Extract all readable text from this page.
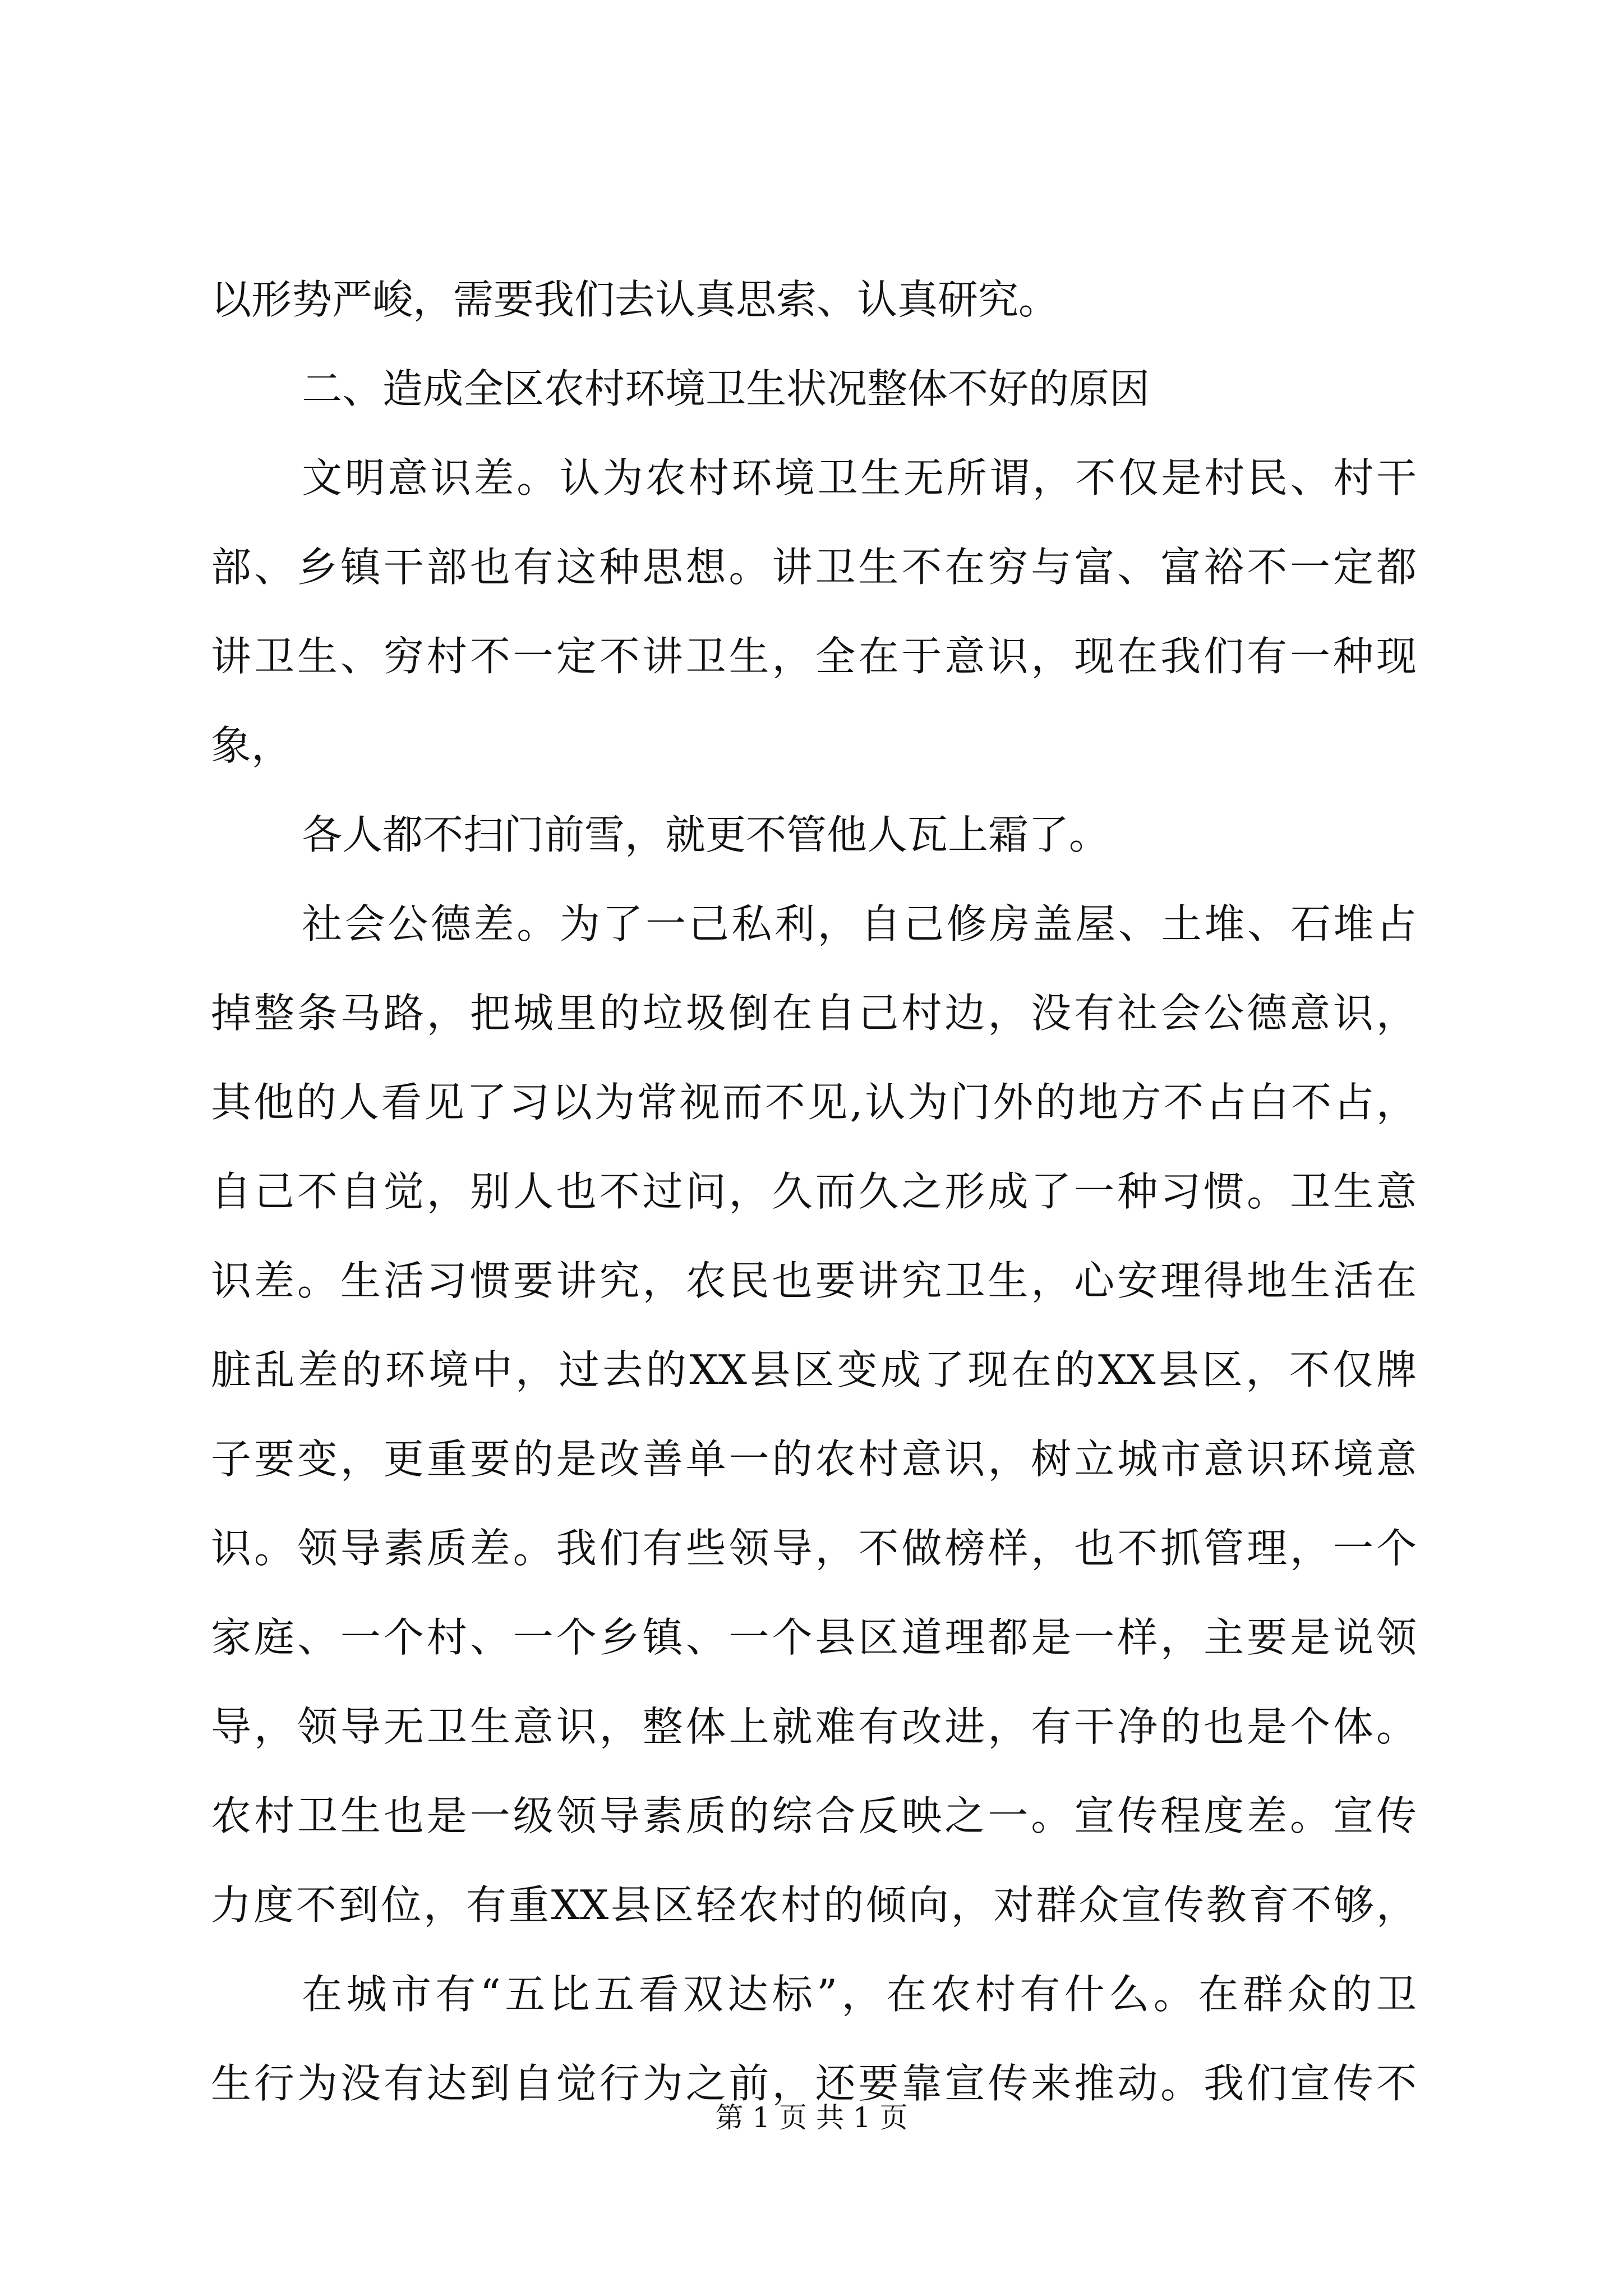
以形势严峻，需要我们去认真思索、认真研究。
二、造成全区农村环境卫生状况整体不好的原因
文明意识差。认为农村环境卫生无所谓，不仅是村民、村干
部、乡镇干部也有这种思想。讲卫生不在穷与富、富裕不一定都
讲卫生、穷村不一定不讲卫生，全在于意识，现在我们有一种现
象，
各人都不扫门前雪，就更不管他人瓦上霜了。
社会公德差。为了一己私利，自己修房盖屋、土堆、石堆占
掉整条马路，把城里的垃圾倒在自己村边，没有社会公德意识，
其他的人看见了习以为常视而不见,认为门外的地方不占白不占，
自己不自觉，别人也不过问，久而久之形成了一种习惯。卫生意
识差。生活习惯要讲究，农民也要讲究卫生，心安理得地生活在
脏乱差的环境中，过去的XX县区变成了现在的XX县区，不仅牌
子要变，更重要的是改善单一的农村意识，树立城市意识环境意
识。领导素质差。我们有些领导，不做榜样，也不抓管理，一个
家庭、一个村、一个乡镇、一个县区道理都是一样，主要是说领
导，领导无卫生意识，整体上就难有改进，有干净的也是个体。
农村卫生也是一级领导素质的综合反映之一。宣传程度差。宣传
力度不到位，有重XX县区轻农村的倾向，对群众宣传教育不够，
在城市有“五比五看双达标”，在农村有什么。在群众的卫
生行为没有达到自觉行为之前，还要靠宣传来推动。我们宣传不
第 1 页 共 1 页
